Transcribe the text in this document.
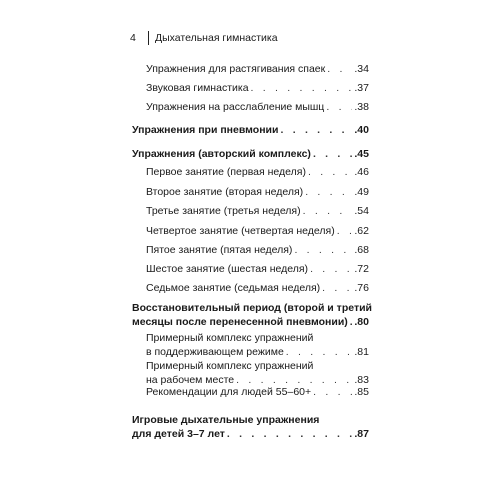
4	Дыхательная гимнастика
Упражнения для растягивания спаек . . .	.34
Звуковая гимнастика . . .	.37
Упражнения на расслабление мышц . . .	.38
Упражнения при пневмонии . . .	.40
Упражнения (авторский комплекс) . . .	.45
Первое занятие (первая неделя) . . .	.46
Второе занятие (вторая неделя) . . .	.49
Третье занятие (третья неделя) . . .	.54
Четвертое занятие (четвертая неделя) . . . .62
Пятое занятие (пятая неделя) . . .	.68
Шестое занятие (шестая неделя) . . .	.72
Седьмое занятие (седьмая неделя) . . .	.76
Восстановительный период (второй и третий
месяцы после перенесенной пневмонии) . . . .80
Примерный комплекс упражнений
в поддерживающем режиме . . .	.81
Примерный комплекс упражнений
на рабочем месте . . .	.83
Рекомендации для людей 55–60+ . . .	.85
Игровые дыхательные упражнения
для детей 3–7 лет . . .	.87
